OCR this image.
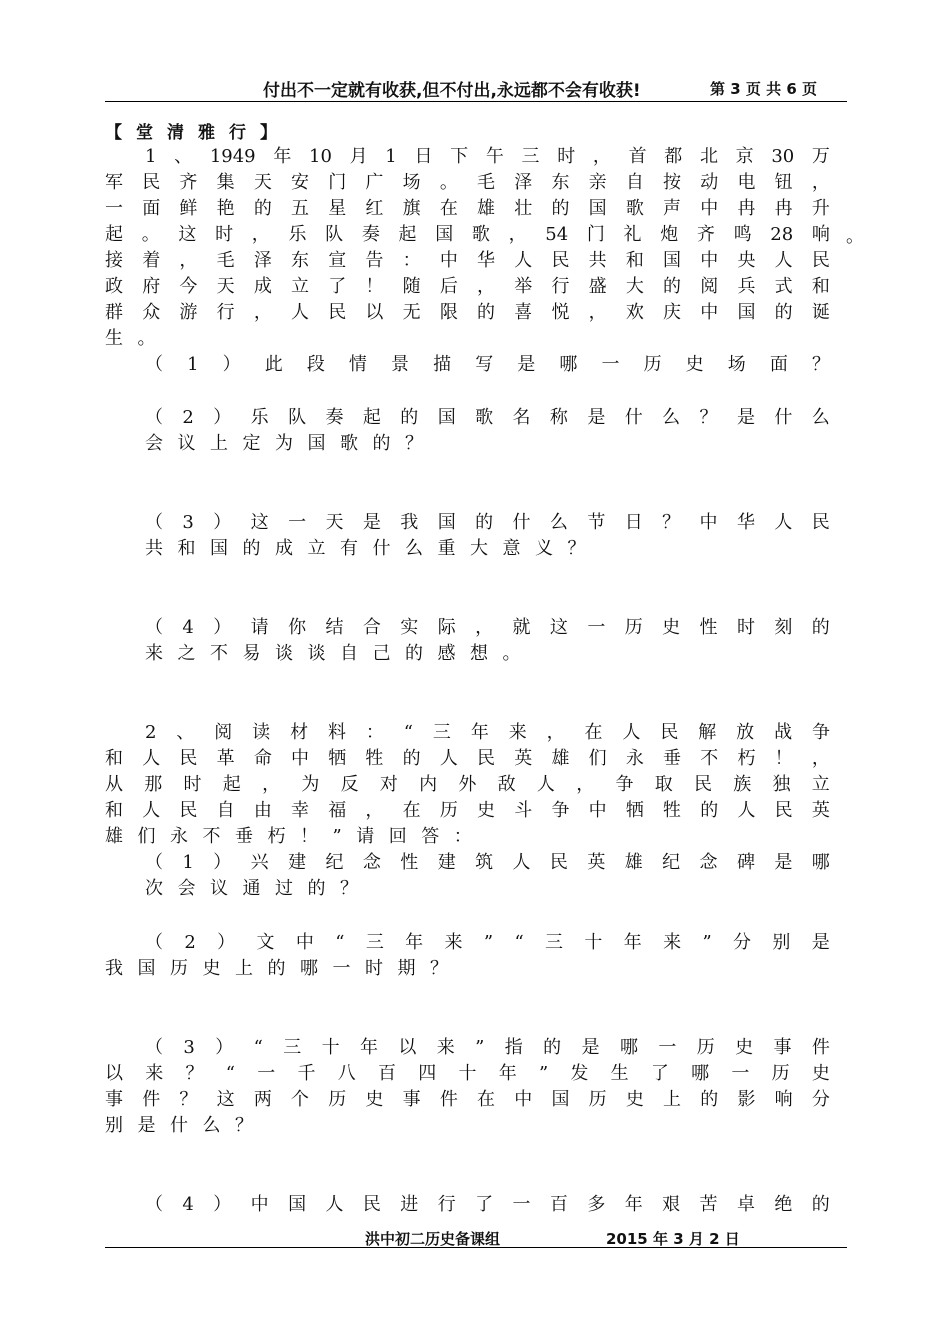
付出不一定就有收获,但不付出,永远都不会有收获!	第 3 页 共 6 页
【堂清雅行】
1 、 1949 年 10 月 1 日 下 午 三 时 ， 首 都 北 京 30 万
军 民 齐 集 天 安 门 广 场 。 毛 泽 东 亲 自 按 动 电 钮 ，
一 面 鲜 艳 的 五 星 红 旗 在 雄 壮 的 国 歌 声 中 冉 冉 升
起 。 这 时 ， 乐 队 奏 起 国 歌 ， 54 门 礼 炮 齐 鸣 28 响
接 着 ， 毛 泽 东 宣 告 ： 中 华 人 民 共 和 国 中 央 人 民
政 府 今 天 成 立 了 ！ 随 后 ， 举 行 盛 大 的 阅 兵 式 和
群 众 游 行 ， 人 民 以 无 限 的 喜 悦 ， 欢 庆 中 国 的 诞
生 。
（ 1 ） 此 段 情 景 描 写 是 哪 一 历 史 场 面 ？
（ 2 ） 乐 队 奏 起 的 国 歌 名 称 是 什 么 ？ 是 什 么
会 议 上 定 为 国 歌 的 ？
（ 3 ） 这 一 天 是 我 国 的 什 么 节 日 ？ 中 华 人 民
共 和 国 的 成 立 有 什 么 重 大 意 义 ？
（ 4 ） 请 你 结 合 实 际 ， 就 这 一 历 史 性 时 刻 的
来 之 不 易 谈 谈 自 己 的 感 想 。
2 、 阅 读 材 料 ： “ 三 年 来 ， 在 人 民 解 放 战 争
和 人 民 革 命 中 牺 牲 的 人 民 英 雄 们 永 垂 不 朽 ！ ，
从 那 时 起 ， 为 反 对 内 外 敌 人 ， 争 取 民 族 独 立
和 人 民 自 由 幸 福 ， 在 历 史 斗 争 中 牺 牲 的 人 民 英
雄 们 永 不 垂 朽 ！ ” 请 回 答 ：
（ 1 ） 兴 建 纪 念 性 建 筑 人 民 英 雄 纪 念 碑 是 哪
次 会 议 通 过 的 ？
（ 2 ） 文 中 “ 三 年 来 ” “ 三 十 年 来 ” 分 别 是
我 国 历 史 上 的 哪 一 时 期 ？
（ 3 ） “ 三 十 年 以 来 ” 指 的 是 哪 一 历 史 事 件
以 来 ？ “ 一 千 八 百 四 十 年 ” 发 生 了 哪 一 历 史
事 件 ？ 这 两 个 历 史 事 件 在 中 国 历 史 上 的 影 响 分
别 是 什 么 ？
（ 4 ） 中 国 人 民 进 行 了 一 百 多 年 艰 苦 卓 绝 的
。
洪中初二历史备课组	2015 年 3 月 2 日
